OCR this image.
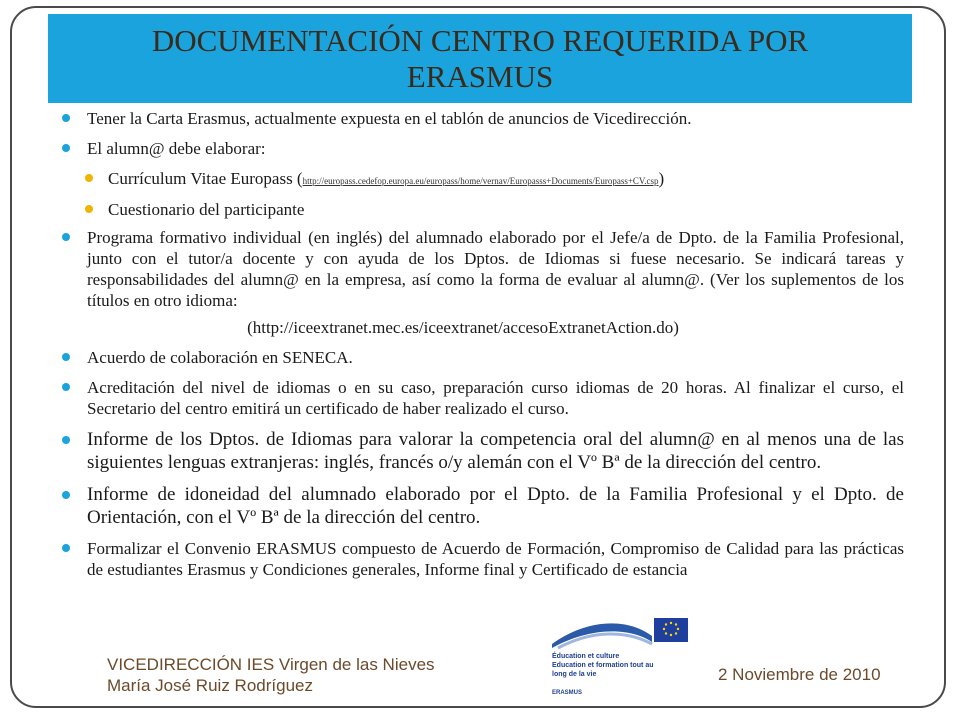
DOCUMENTACIÓN CENTRO REQUERIDA POR ERASMUS
Tener la Carta Erasmus, actualmente expuesta en el tablón de anuncios de Vicedirección.
El alumn@ debe elaborar:
Currículum Vitae Europass (http://europass.cedefop.europa.eu/europass/home/vernav/Europasss+Documents/Europass+CV.csp)
Cuestionario del participante
Programa formativo individual (en inglés) del alumnado elaborado por el Jefe/a de Dpto. de la Familia Profesional, junto con el tutor/a docente y con ayuda de los Dptos. de Idiomas si fuese necesario. Se indicará tareas y responsabilidades del alumn@ en la empresa, así como la forma de evaluar al alumn@. (Ver los suplementos de los títulos en otro idioma:
(http://iceextranet.mec.es/iceextranet/accesoExtranetAction.do)
Acuerdo de colaboración en SENECA.
Acreditación del nivel de idiomas o en su caso, preparación curso idiomas de 20 horas. Al finalizar el curso, el Secretario del centro emitirá un certificado de haber realizado el curso.
Informe de los Dptos. de Idiomas para valorar la competencia oral del alumn@ en al menos una de las siguientes lenguas extranjeras: inglés, francés o/y alemán con el Vº Bª de la dirección del centro.
Informe de idoneidad del alumnado elaborado por el Dpto. de la Familia Profesional y el Dpto. de Orientación, con el Vº Bª de la dirección del centro.
Formalizar el Convenio ERASMUS compuesto de Acuerdo de Formación, Compromiso de Calidad para las prácticas de estudiantes Erasmus y Condiciones generales, Informe final y Certificado de estancia
Éducation et culture
Education et formation tout au
long de la vie
ERASMUS
VICEDIRECCIÓN IES Virgen de las Nieves
María José Ruiz Rodríguez
2 Noviembre de 2010
